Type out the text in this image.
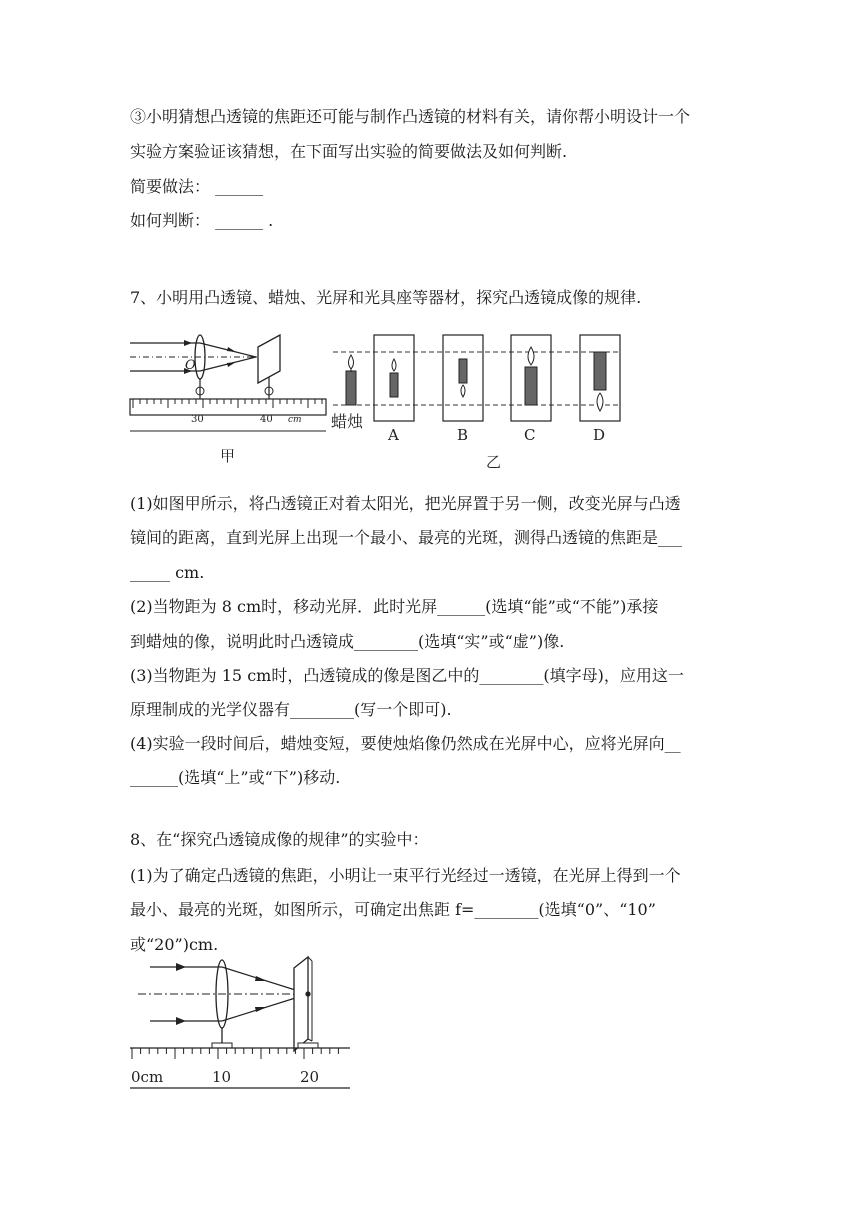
③小明猜想凸透镜的焦距还可能与制作凸透镜的材料有关，请你帮小明设计一个
实验方案验证该猜想，在下面写出实验的简要做法及如何判断.
简要做法： ______
如何判断： ______ .
7、小明用凸透镜、蜡烛、光屏和光具座等器材，探究凸透镜成像的规律.
O
30	40 cm
甲
蜡烛
A	B	C	D
乙
(1)如图甲所示，将凸透镜正对着太阳光，把光屏置于另一侧，改变光屏与凸透
镜间的距离，直到光屏上出现一个最小、最亮的光斑，测得凸透镜的焦距是___
_____ cm.
(2)当物距为 8 cm时，移动光屏．此时光屏______(选填“能”或“不能”)承接
到蜡烛的像，说明此时凸透镜成________(选填“实”或“虚”)像.
(3)当物距为 15 cm时，凸透镜成的像是图乙中的________(填字母)，应用这一
原理制成的光学仪器有________(写一个即可).
(4)实验一段时间后，蜡烛变短，要使烛焰像仍然成在光屏中心，应将光屏向__
______(选填“上”或“下”)移动.
8、在“探究凸透镜成像的规律”的实验中：
(1)为了确定凸透镜的焦距，小明让一束平行光经过一透镜，在光屏上得到一个
最小、最亮的光斑，如图所示，可确定出焦距 f=________(选填“0”、“10”
或“20”)cm.
0cm	10	20
